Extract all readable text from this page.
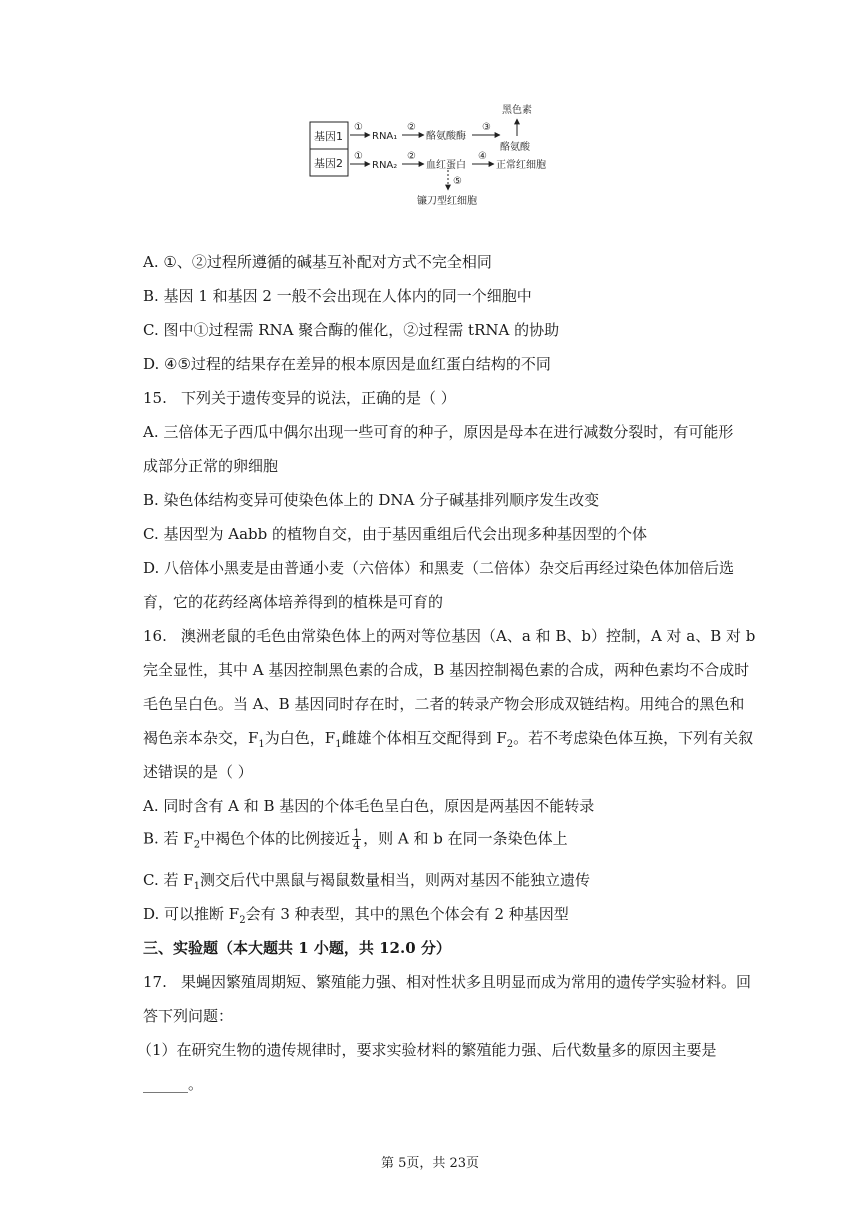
基因1
基因2
①
RNA₁
②
酪氨酸酶
③
黑色素
酪氨酸
①
RNA₂
②
血红蛋白
④
正常红细胞
⑤
镰刀型红细胞
A. ①、②过程所遵循的碱基互补配对方式不完全相同
B. 基因 1 和基因 2 一般不会出现在人体内的同一个细胞中
C. 图中①过程需 RNA 聚合酶的催化，②过程需 tRNA 的协助
D. ④⑤过程的结果存在差异的根本原因是血红蛋白结构的不同
15. 下列关于遗传变异的说法，正确的是（ ）
A. 三倍体无子西瓜中偶尔出现一些可育的种子，原因是母本在进行减数分裂时，有可能形
成部分正常的卵细胞
B. 染色体结构变异可使染色体上的 DNA 分子碱基排列顺序发生改变
C. 基因型为 Aabb 的植物自交，由于基因重组后代会出现多种基因型的个体
D. 八倍体小黑麦是由普通小麦（六倍体）和黑麦（二倍体）杂交后再经过染色体加倍后选
育，它的花药经离体培养得到的植株是可育的
16. 澳洲老鼠的毛色由常染色体上的两对等位基因（A、a 和 B、b）控制，A 对 a、B 对 b
完全显性，其中 A 基因控制黑色素的合成，B 基因控制褐色素的合成，两种色素均不合成时
毛色呈白色。当 A、B 基因同时存在时，二者的转录产物会形成双链结构。用纯合的黑色和
褐色亲本杂交，$F_1$为白色，$F_1$雌雄个体相互交配得到 $F_2$。若不考虑染色体互换，下列有关叙
述错误的是（ ）
A. 同时含有 A 和 B 基因的个体毛色呈白色，原因是两基因不能转录
B. 若 $F_2$中褐色个体的比例接近 $\frac{1}{4}$ ，则 A 和 b 在同一条染色体上
C. 若 $F_1$测交后代中黑鼠与褐鼠数量相当，则两对基因不能独立遗传
D. 可以推断 $F_2$会有 3 种表型，其中的黑色个体会有 2 种基因型
三、实验题（本大题共 1 小题，共 12.0 分）
17. 果蝇因繁殖周期短、繁殖能力强、相对性状多且明显而成为常用的遗传学实验材料。回
答下列问题：
（1）在研究生物的遗传规律时，要求实验材料的繁殖能力强、后代数量多的原因主要是
______。
第 5页，共 23页
